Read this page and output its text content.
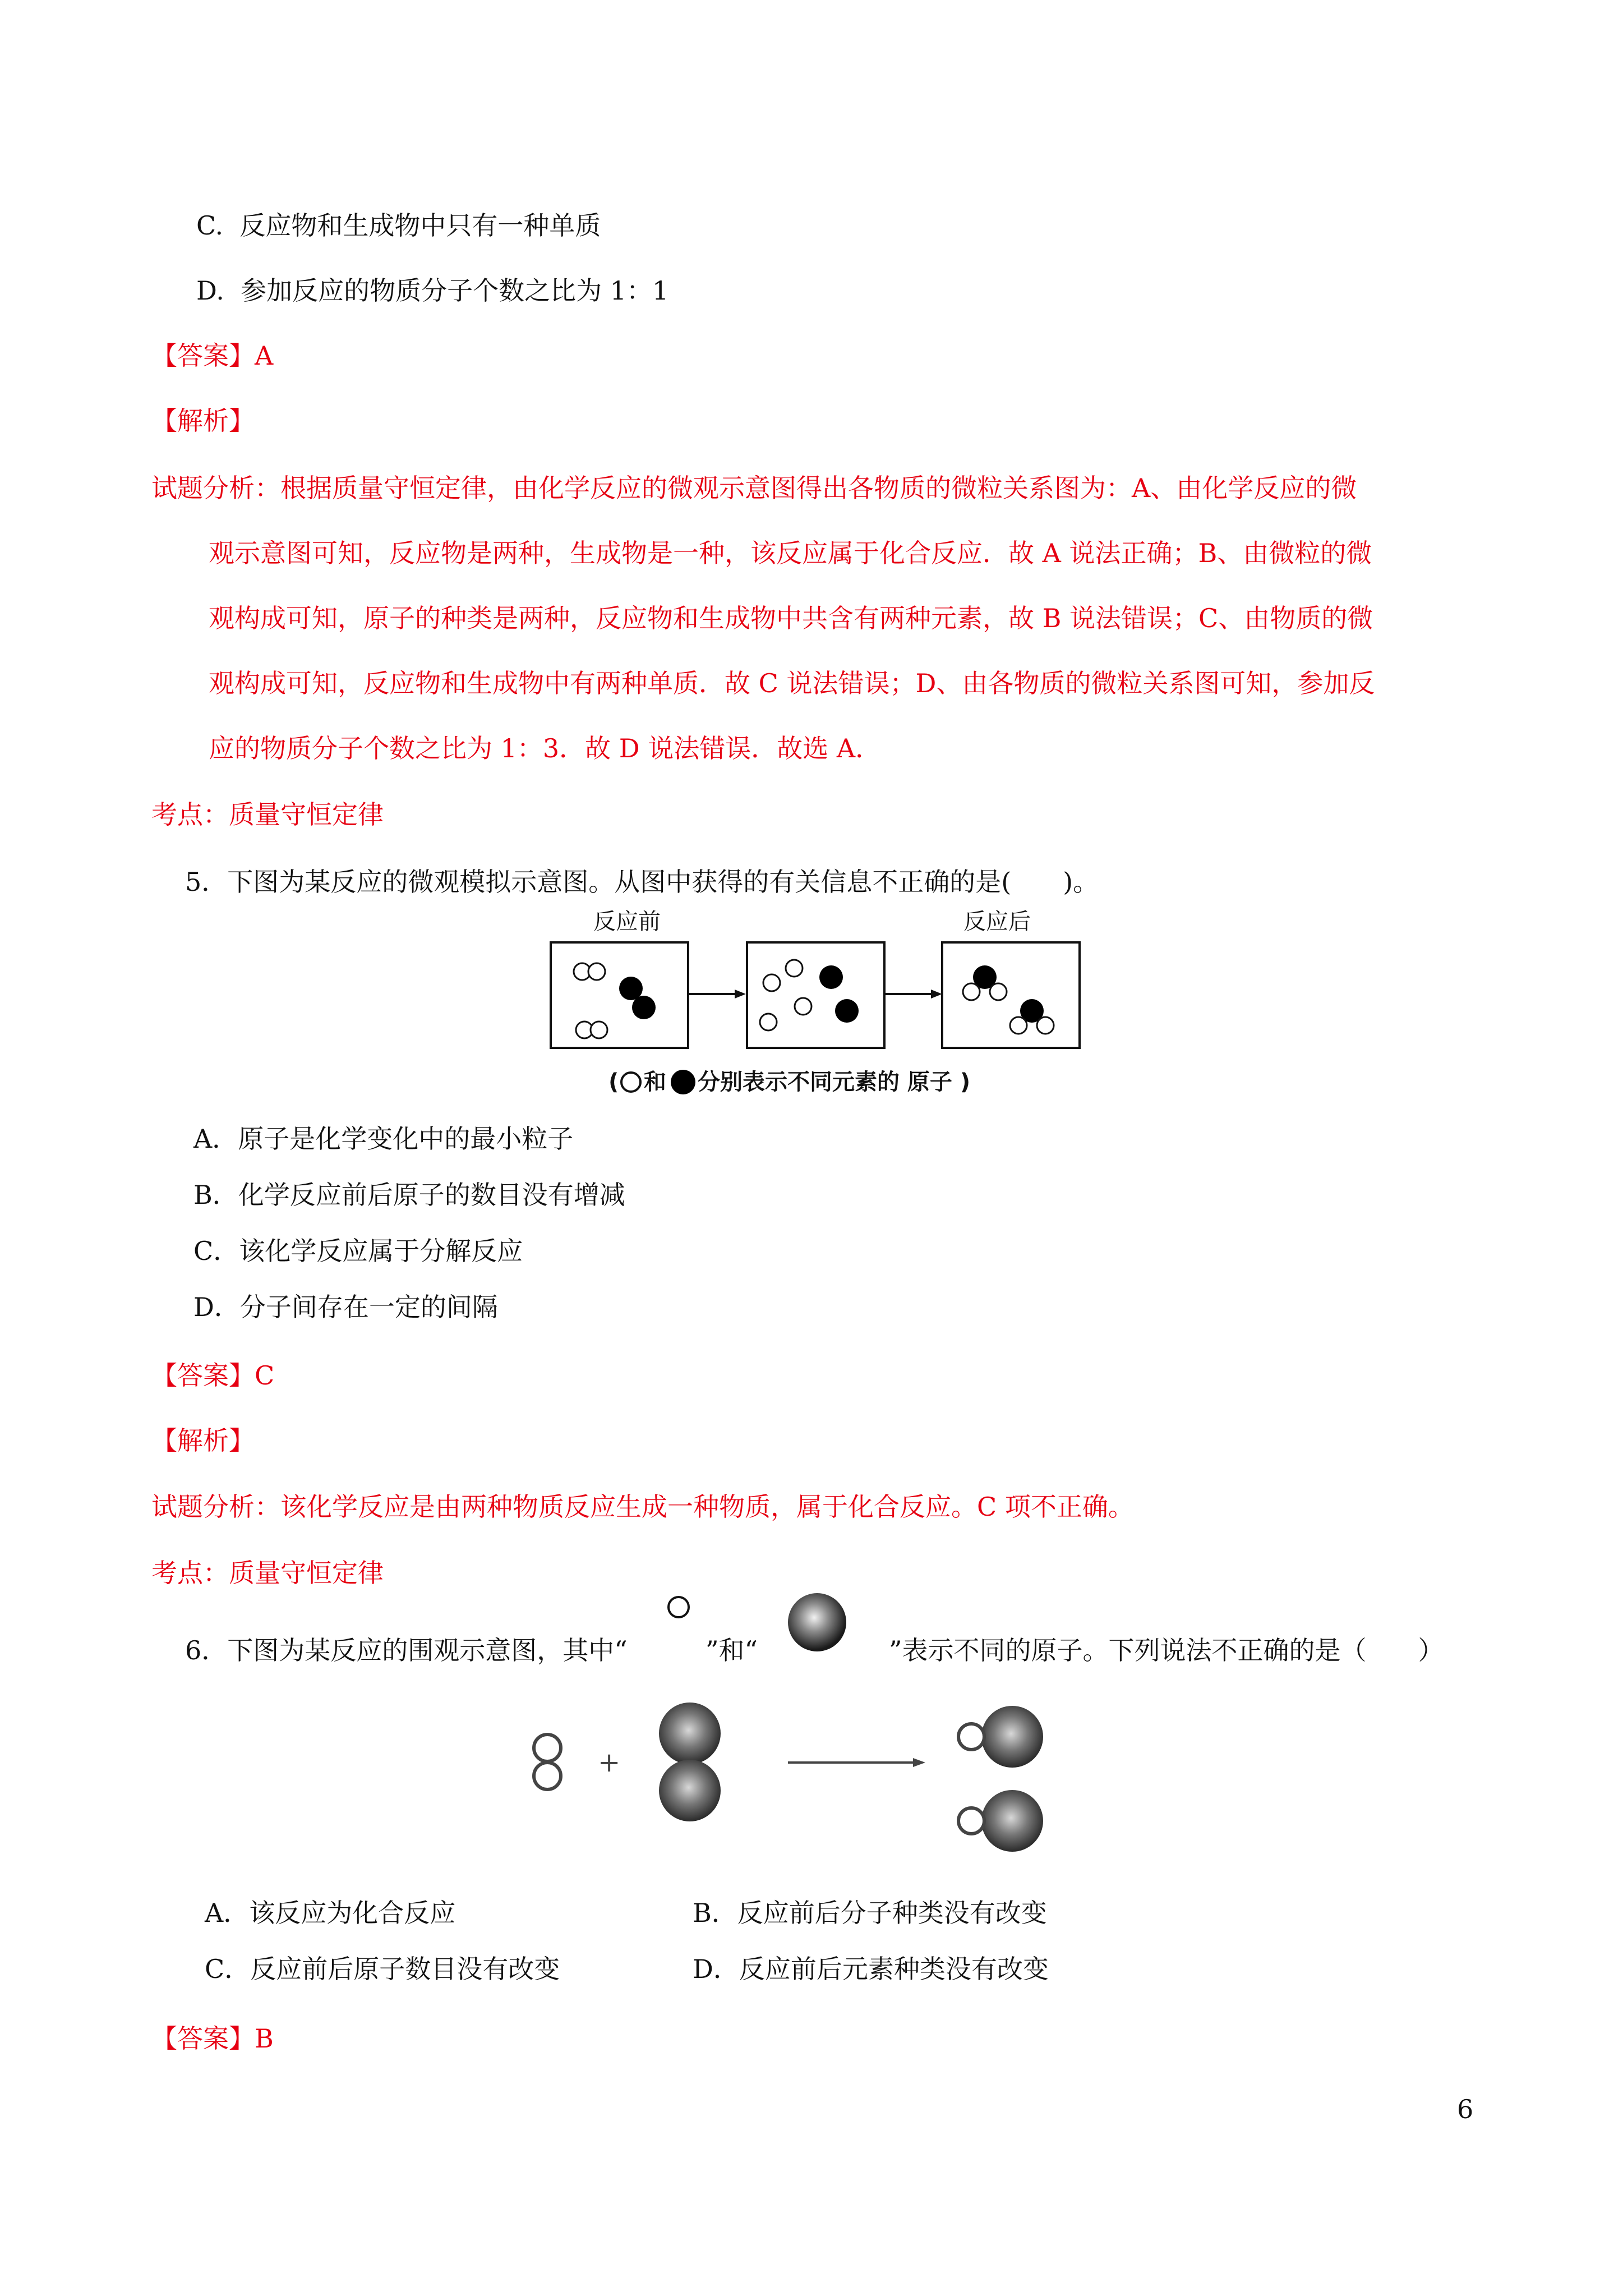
C.  反应物和生成物中只有一种单质
D.  参加反应的物质分子个数之比为 1：1
【答案】A
【解析】
试题分析：根据质量守恒定律，由化学反应的微观示意图得出各物质的微粒关系图为：A、由化学反应的微
观示意图可知，反应物是两种，生成物是一种，该反应属于化合反应．故 A 说法正确；B、由微粒的微
观构成可知，原子的种类是两种，反应物和生成物中共含有两种元素，故 B 说法错误；C、由物质的微
观构成可知，反应物和生成物中有两种单质．故 C 说法错误；D、由各物质的微粒关系图可知，参加反
应的物质分子个数之比为 1：3．故 D 说法错误．故选 A．
考点：质量守恒定律
5．下图为某反应的微观模拟示意图。从图中获得的有关信息不正确的是(　　)。
反应前	反应后
( 和 分别表示不同元素的 原子 )
A．原子是化学变化中的最小粒子
B．化学反应前后原子的数目没有增减
C．该化学反应属于分解反应
D．分子间存在一定的间隔
【答案】C
【解析】
试题分析：该化学反应是由两种物质反应生成一种物质，属于化合反应。C 项不正确。
考点：质量守恒定律
6．下图为某反应的围观示意图，其中“	”和“	”表示不同的原子。下列说法不正确的是（　　）
+
A．该反应为化合反应	B．反应前后分子种类没有改变
C．反应前后原子数目没有改变	D．反应前后元素种类没有改变
【答案】B
6
